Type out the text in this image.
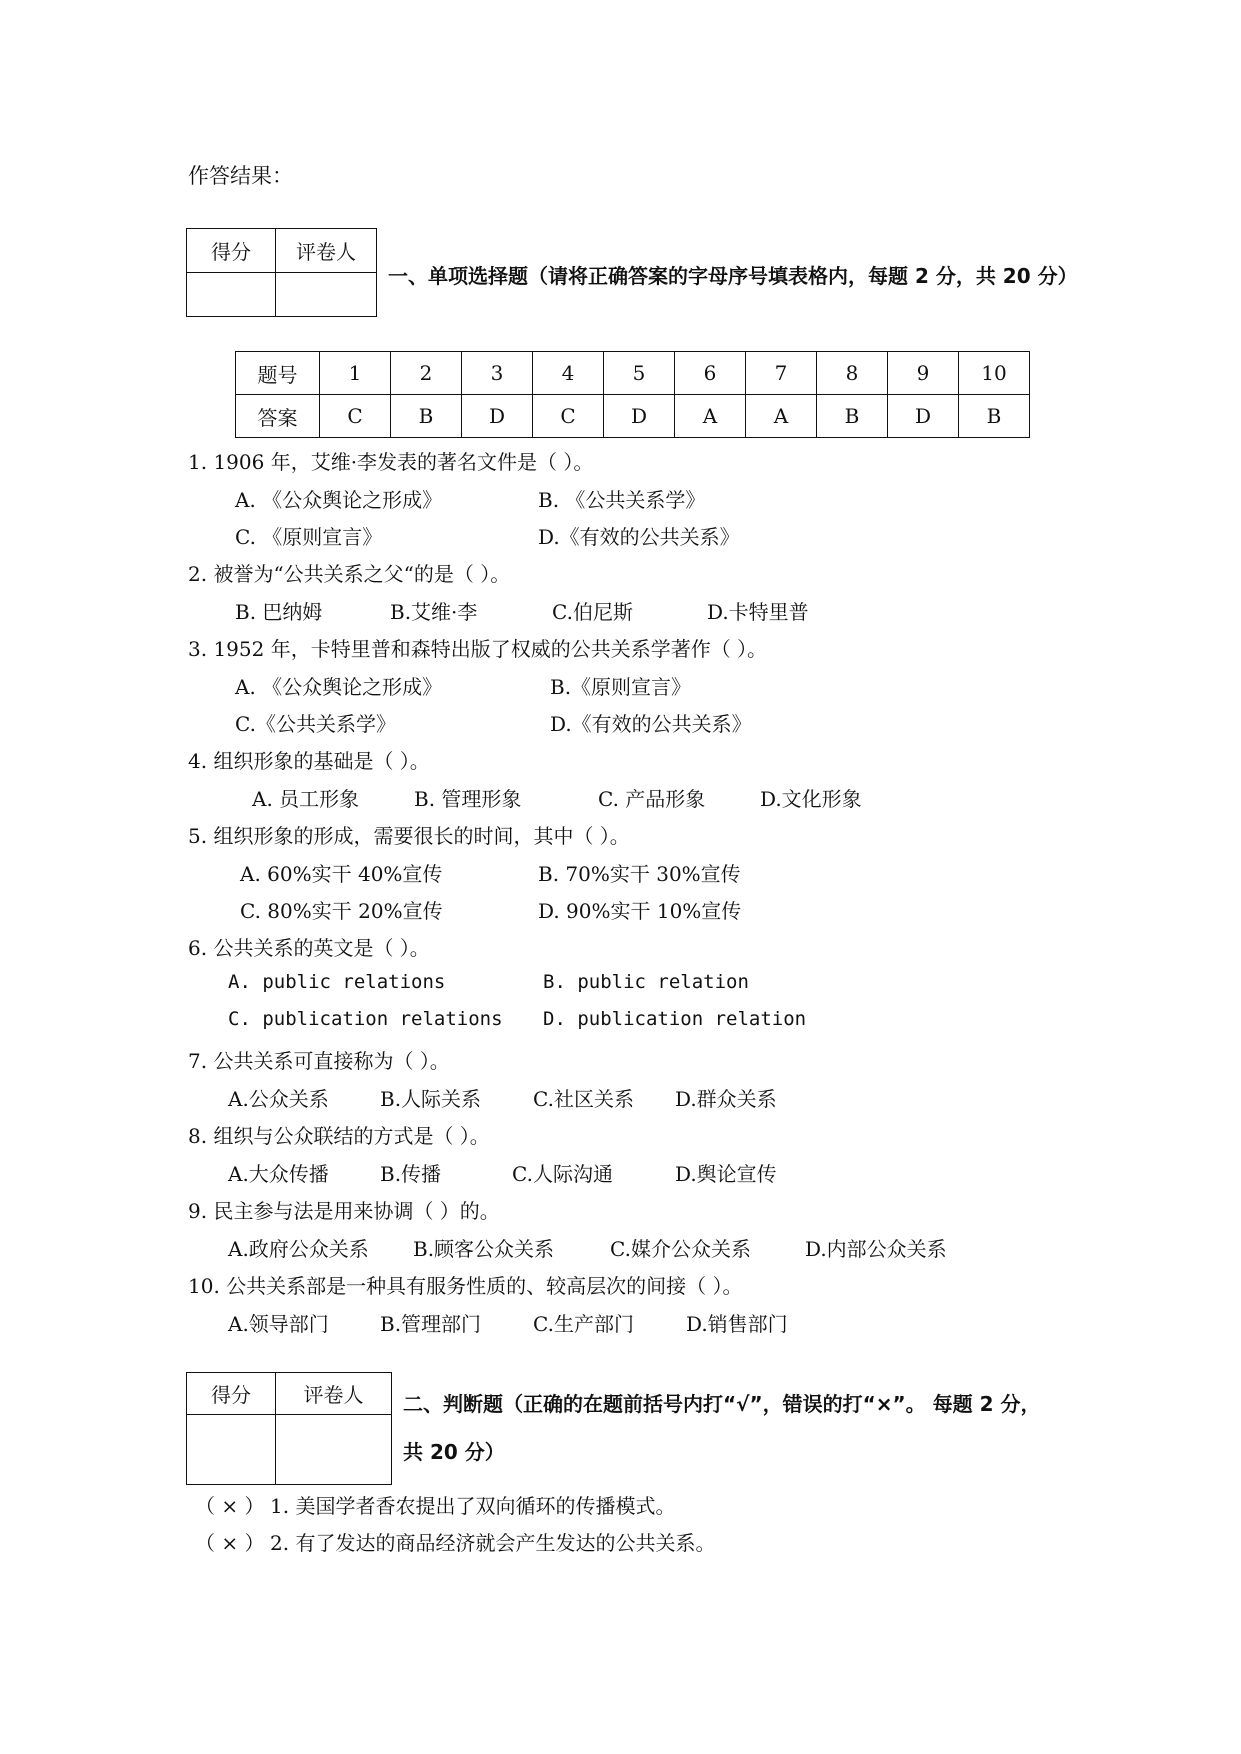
作答结果：
得分	评卷人

一、单项选择题（请将正确答案的字母序号填表格内，每题 2 分，共 20 分）
题号	1	2	3	4	5	6	7	8	9	10
答案	C	B	D	C	D	A	A	B	D	B
1. 1906 年，艾维·李发表的著名文件是（ ）。
A. 《公众舆论之形成》	B. 《公共关系学》
C. 《原则宣言》	D.《有效的公共关系》
2. 被誉为“公共关系之父“的是（ ）。
B. 巴纳姆	B.艾维·李	C.伯尼斯	D.卡特里普
3. 1952 年，卡特里普和森特出版了权威的公共关系学著作（ ）。
A. 《公众舆论之形成》	B.《原则宣言》
C.《公共关系学》	D.《有效的公共关系》
4. 组织形象的基础是（ ）。
A. 员工形象	B. 管理形象	C. 产品形象	D.文化形象
5. 组织形象的形成，需要很长的时间，其中（ ）。
A. 60%实干 40%宣传	B. 70%实干 30%宣传
C. 80%实干 20%宣传	D. 90%实干 10%宣传
6. 公共关系的英文是（ ）。
A. public relations	B. public relation
C. publication relations D. publication relation
7. 公共关系可直接称为（ ）。
A.公众关系	B.人际关系	C.社区关系 D.群众关系
8. 组织与公众联结的方式是（ ）。
A.大众传播	B.传播	C.人际沟通	D.舆论宣传
9. 民主参与法是用来协调（ ）的。
A.政府公众关系 B.顾客公众关系	C.媒介公众关系	D.内部公众关系
10. 公共关系部是一种具有服务性质的、较高层次的间接（ ）。
A.领导部门	B.管理部门	C.生产部门	D.销售部门
得分	评卷人
	二、判断题（正确的在题前括号内打“√”，错误的打“×”。 每题 2 分，
共 20 分）
（ × ） 1. 美国学者香农提出了双向循环的传播模式。
（ × ） 2. 有了发达的商品经济就会产生发达的公共关系。
